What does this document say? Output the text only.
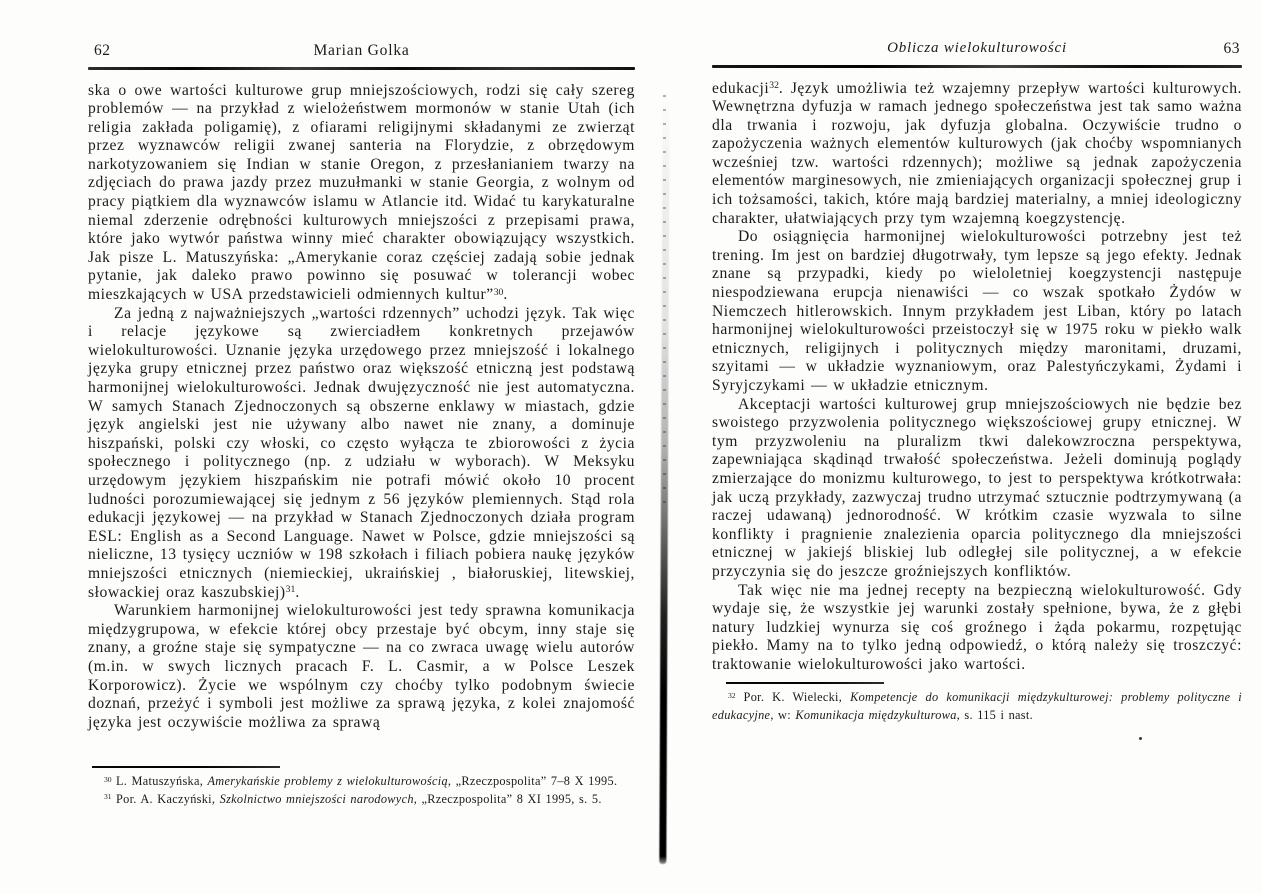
62	Marian Golka

ska o owe wartości kulturowe grup mniejszościowych, rodzi się cały szereg problemów — na przykład z wielożeństwem mormonów w stanie Utah (ich religia zakłada poligamię), z ofiarami religijnymi składanymi ze zwierząt przez wyznawców religii zwanej santeria na Florydzie, z obrzędowym narkotyzowaniem się Indian w stanie Oregon, z przesłanianiem twarzy na zdjęciach do prawa jazdy przez muzułmanki w stanie Georgia, z wolnym od pracy piątkiem dla wyznawców islamu w Atlancie itd. Widać tu karykaturalne niemal zderzenie odrębności kulturowych mniejszości z przepisami prawa, które jako wytwór państwa winny mieć charakter obowiązujący wszystkich. Jak pisze L. Matuszyńska: „Amerykanie coraz częściej zadają sobie jednak pytanie, jak daleko prawo powinno się posuwać w tolerancji wobec mieszkających w USA przedstawicieli odmiennych kultur”$^{30}$.

Za jedną z najważniejszych „wartości rdzennych” uchodzi język. Tak więc i relacje językowe są zwierciadłem konkretnych przejawów wielokulturowości. Uznanie języka urzędowego przez mniejszość i lokalnego języka grupy etnicznej przez państwo oraz większość etniczną jest podstawą harmonijnej wielokulturowości. Jednak dwujęzyczność nie jest automatyczna. W samych Stanach Zjednoczonych są obszerne enklawy w miastach, gdzie język angielski jest nie używany albo nawet nie znany, a dominuje hiszpański, polski czy włoski, co często wyłącza te zbiorowości z życia społecznego i politycznego (np. z udziału w wyborach). W Meksyku urzędowym językiem hiszpańskim nie potrafi mówić około 10 procent ludności porozumiewającej się jednym z 56 języków plemiennych. Stąd rola edukacji językowej — na przykład w Stanach Zjednoczonych działa program ESL: English as a Second Language. Nawet w Polsce, gdzie mniejszości są nieliczne, 13 tysięcy uczniów w 198 szkołach i filiach pobiera naukę języków mniejszości etnicznych (niemieckiej, ukraińskiej , białoruskiej, litewskiej, słowackiej oraz kaszubskiej)$^{31}$.

Warunkiem harmonijnej wielokulturowości jest tedy sprawna komunikacja międzygrupowa, w efekcie której obcy przestaje być obcym, inny staje się znany, a groźne staje się sympatyczne — na co zwraca uwagę wielu autorów (m.in. w swych licznych pracach F. L. Casmir, a w Polsce Leszek Korporowicz). Życie we wspólnym czy choćby tylko podobnym świecie doznań, przeżyć i symboli jest możliwe za sprawą języka, z kolei znajomość języka jest oczywiście możliwa za sprawą

$^{30}$ L. Matuszyńska, Amerykańskie problemy z wielokulturowością, „Rzeczpospolita” 7–8 X 1995.

$^{31}$ Por. A. Kaczyński, Szkolnictwo mniejszości narodowych, „Rzeczpospolita” 8 XI 1995, s. 5.

Oblicza wielokulturowości	63

edukacji$^{32}$. Język umożliwia też wzajemny przepływ wartości kulturowych. Wewnętrzna dyfuzja w ramach jednego społeczeństwa jest tak samo ważna dla trwania i rozwoju, jak dyfuzja globalna. Oczywiście trudno o zapożyczenia ważnych elementów kulturowych (jak choćby wspomnianych wcześniej tzw. wartości rdzennych); możliwe są jednak zapożyczenia elementów marginesowych, nie zmieniających organizacji społecznej grup i ich tożsamości, takich, które mają bardziej materialny, a mniej ideologiczny charakter, ułatwiających przy tym wzajemną koegzystencję.

Do osiągnięcia harmonijnej wielokulturowości potrzebny jest też trening. Im jest on bardziej długotrwały, tym lepsze są jego efekty. Jednak znane są przypadki, kiedy po wieloletniej koegzystencji następuje niespodziewana erupcja nienawiści — co wszak spotkało Żydów w Niemczech hitlerowskich. Innym przykładem jest Liban, który po latach harmonijnej wielokulturowości przeistoczył się w 1975 roku w piekło walk etnicznych, religijnych i politycznych między maronitami, druzami, szyitami — w układzie wyznaniowym, oraz Palestyńczykami, Żydami i Syryjczykami — w układzie etnicznym.

Akceptacji wartości kulturowej grup mniejszościowych nie będzie bez swoistego przyzwolenia politycznego większościowej grupy etnicznej. W tym przyzwoleniu na pluralizm tkwi dalekowzroczna perspektywa, zapewniająca skądinąd trwałość społeczeństwa. Jeżeli dominują poglądy zmierzające do monizmu kulturowego, to jest to perspektywa krótkotrwała: jak uczą przykłady, zazwyczaj trudno utrzymać sztucznie podtrzymywaną (a raczej udawaną) jednorodność. W krótkim czasie wyzwala to silne konflikty i pragnienie znalezienia oparcia politycznego dla mniejszości etnicznej w jakiejś bliskiej lub odległej sile politycznej, a w efekcie przyczynia się do jeszcze groźniejszych konfliktów.

Tak więc nie ma jednej recepty na bezpieczną wielokulturowość. Gdy wydaje się, że wszystkie jej warunki zostały spełnione, bywa, że z głębi natury ludzkiej wynurza się coś groźnego i żąda pokarmu, rozpętując piekło. Mamy na to tylko jedną odpowiedź, o którą należy się troszczyć: traktowanie wielokulturowości jako wartości.

$^{32}$ Por. K. Wielecki, Kompetencje do komunikacji międzykulturowej: problemy polityczne i edukacyjne, w: Komunikacja międzykulturowa, s. 115 i nast.
